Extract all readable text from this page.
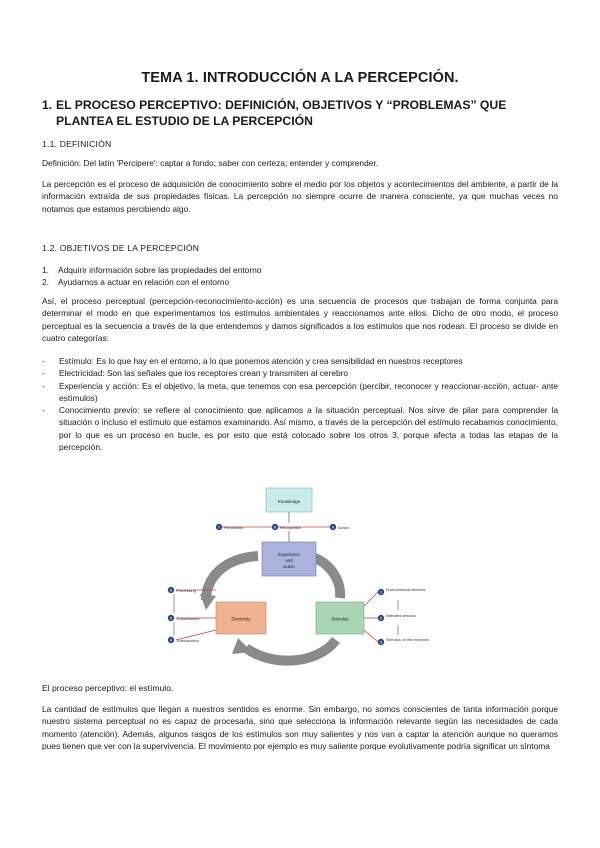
TEMA 1. INTRODUCCIÓN A LA PERCEPCIÓN.
1. EL PROCESO PERCEPTIVO: DEFINICIÓN, OBJETIVOS Y “PROBLEMAS” QUE
PLANTEA EL ESTUDIO DE LA PERCEPCIÓN
1.1. DEFINICIÓN
Definición: Del latín 'Percipere': captar a fondo; saber con certeza; entender y comprender.
La percepción es el proceso de adquisición de conocimiento sobre el medio por los objetos y acontecimientos del ambiente, a partir de la información extraída de sus propiedades físicas. La percepción no siempre ocurre de manera consciente, ya que muchas veces no notamos que estamos percibiendo algo.
1.2. OBJETIVOS DE LA PERCEPCIÓN
1.	Adquirir información sobre las propiedades del entorno
2.	Ayudarnos a actuar en relación con el entorno
Así, el proceso perceptual (percepción-reconocimiento-acción) es una secuencia de procesos que trabajan de forma conjunta para determinar el modo en que experimentamos los estímulos ambientales y reaccionamos ante ellos. Dicho de otro modo, el proceso perceptual es la secuencia a través de la que entendemos y damos significados a los estímulos que nos rodean. El proceso se divide en cuatro categorías:
-	Estímulo: Es lo que hay en el entorno, a lo que ponemos atención y crea sensibilidad en nuestros receptores
-	Electricidad: Son las señales que los receptores crean y transmiten al cerebro
-	Experiencia y acción: Es el objetivo, la meta, que tenemos con esa percepción (percibir, reconocer y reaccionar-acción, actuar- ante estímulos)
-	Conocimiento previo: se refiere al conocimiento que aplicamos a la situación perceptual. Nos sirve de pilar para comprender la situación o incluso el estímulo que estamos examinando. Así mismo, a través de la percepción del estímulo recabamos conocimiento, por lo que es un proceso en bucle, es por esto que está colocado sobre los otros 3, porque afecta a todas las etapas de la percepción.
El proceso perceptivo: el estímulo.
La cantidad de estímulos que llegan a nuestros sentidos es enorme. Sin embargo, no somos conscientes de tanta información porque nuestro sistema perceptual no es capaz de procesarla, sino que selecciona la información relevante según las necesidades de cada momento (atención). Además, algunos rasgos de los estímulos son muy salientes y nos van a captar la atención aunque no queramos pues tienen que ver con la supervivencia. El movimiento por ejemplo es muy saliente porque evolutivamente podría significar un síntoma
Knowledge
7 Perception	8 Recognition	9 Action
Experience
and
action
Electricity	Stimulus
6 Processing
5 Transmission
4 Transduction
1 Environmental stimulus
2 Attended stimulus
3 Stimulus on the receptors
